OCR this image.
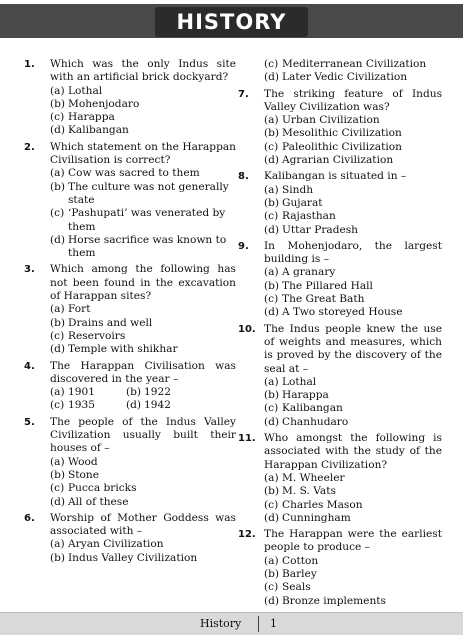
HISTORY
1.	Which was the only Indus site with an artificial brick dockyard?
(a) Lothal
(b) Mohenjodaro
(c) Harappa
(d) Kalibangan
2.	Which statement on the Harappan Civilisation is correct?
(a) Cow was sacred to them
(b) The culture was not generally state
(c) ‘Pashupati’ was venerated by them
(d) Horse sacrifice was known to them
3.	Which among the following has not been found in the excavation of Harappan sites?
(a) Fort
(b) Drains and well
(c) Reservoirs
(d) Temple with shikhar
4.	The Harappan Civilisation was discovered in the year –
(a) 1901	(b) 1922
(c) 1935	(d) 1942
5.	The people of the Indus Valley Civilization usually built their houses of –
(a) Wood
(b) Stone
(c) Pucca bricks
(d) All of these
6.	Worship of Mother Goddess was associated with –
(a) Aryan Civilization
(b) Indus Valley Civilization
(c) Mediterranean Civilization
(d) Later Vedic Civilization
7.	The striking feature of Indus Valley Civilization was?
(a) Urban Civilization
(b) Mesolithic Civilization
(c) Paleolithic Civilization
(d) Agrarian Civilization
8.	Kalibangan is situated in –
(a) Sindh
(b) Gujarat
(c) Rajasthan
(d) Uttar Pradesh
9.	In Mohenjodaro, the largest building is –
(a) A granary
(b) The Pillared Hall
(c) The Great Bath
(d) A Two storeyed House
10. The Indus people knew the use of weights and measures, which is proved by the discovery of the seal at –
(a) Lothal
(b) Harappa
(c) Kalibangan
(d) Chanhudaro
11. Who amongst the following is associated with the study of the Harappan Civilization?
(a) M. Wheeler
(b) M. S. Vats
(c) Charles Mason
(d) Cunningham
12. The Harappan were the earliest people to produce –
(a) Cotton
(b) Barley
(c) Seals
(d) Bronze implements
History	1
